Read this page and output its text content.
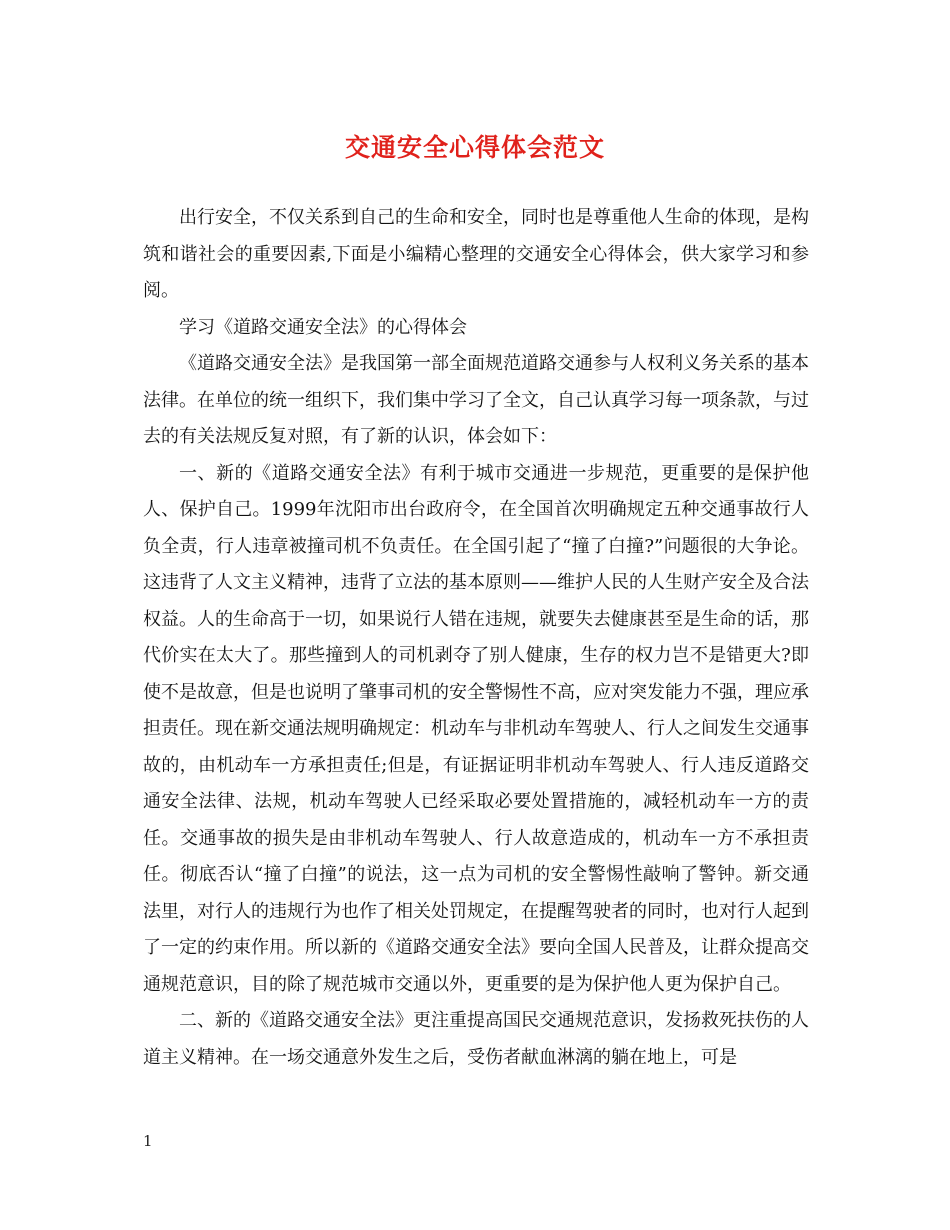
交通安全心得体会范文

出行安全，不仅关系到自己的生命和安全，同时也是尊重他人生命的体现，是构筑和谐社会的重要因素,下面是小编精心整理的交通安全心得体会，供大家学习和参阅。

学习《道路交通安全法》的心得体会

《道路交通安全法》是我国第一部全面规范道路交通参与人权利义务关系的基本法律。在单位的统一组织下，我们集中学习了全文，自己认真学习每一项条款，与过去的有关法规反复对照，有了新的认识，体会如下：

一、新的《道路交通安全法》有利于城市交通进一步规范，更重要的是保护他人、保护自己。1999年沈阳市出台政府令，在全国首次明确规定五种交通事故行人负全责，行人违章被撞司机不负责任。在全国引起了“撞了白撞?”问题很的大争论。这违背了人文主义精神，违背了立法的基本原则——维护人民的人生财产安全及合法权益。人的生命高于一切，如果说行人错在违规，就要失去健康甚至是生命的话，那代价实在太大了。那些撞到人的司机剥夺了别人健康，生存的权力岂不是错更大?即使不是故意，但是也说明了肇事司机的安全警惕性不高，应对突发能力不强，理应承担责任。现在新交通法规明确规定：机动车与非机动车驾驶人、行人之间发生交通事故的，由机动车一方承担责任;但是，有证据证明非机动车驾驶人、行人违反道路交通安全法律、法规，机动车驾驶人已经采取必要处置措施的，减轻机动车一方的责任。交通事故的损失是由非机动车驾驶人、行人故意造成的，机动车一方不承担责任。彻底否认“撞了白撞”的说法，这一点为司机的安全警惕性敲响了警钟。新交通法里，对行人的违规行为也作了相关处罚规定，在提醒驾驶者的同时，也对行人起到了一定的约束作用。所以新的《道路交通安全法》要向全国人民普及，让群众提高交通规范意识，目的除了规范城市交通以外，更重要的是为保护他人更为保护自己。

二、新的《道路交通安全法》更注重提高国民交通规范意识，发扬救死扶伤的人道主义精神。在一场交通意外发生之后，受伤者献血淋漓的躺在地上，可是

1
